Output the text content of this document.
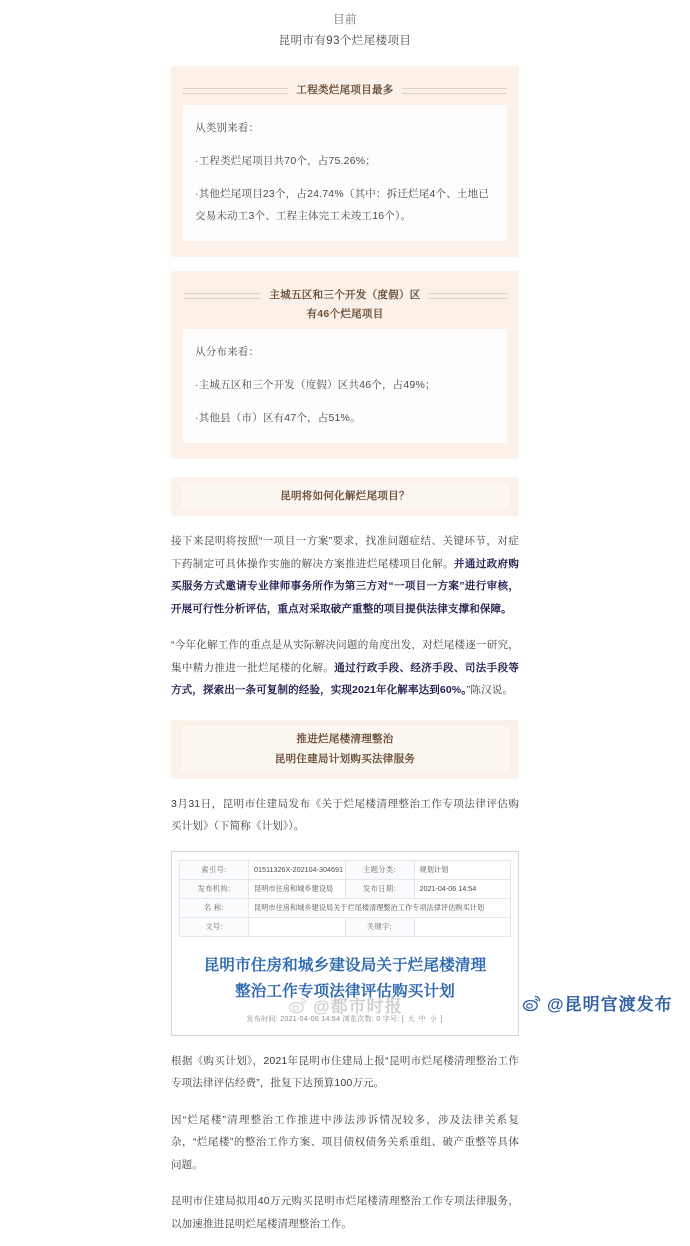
目前
昆明市有93个烂尾楼项目
工程类烂尾项目最多

从类别来看：

·工程类烂尾项目共70个，占75.26%；

·其他烂尾项目23个，占24.74%（其中：拆迁烂尾4个、土地已交易未动工3个、工程主体完工未竣工16个）。

主城五区和三个开发（度假）区
有46个烂尾项目

从分布来看：

·主城五区和三个开发（度假）区共46个，占49%；

·其他县（市）区有47个，占51%。

昆明将如何化解烂尾项目？

接下来昆明将按照“一项目一方案”要求，找准问题症结、关键环节，对症下药制定可具体操作实施的解决方案推进烂尾楼项目化解。并通过政府购买服务方式邀请专业律师事务所作为第三方对“一项目一方案”进行审核，开展可行性分析评估，重点对采取破产重整的项目提供法律支撑和保障。

“今年化解工作的重点是从实际解决问题的角度出发，对烂尾楼逐一研究，集中精力推进一批烂尾楼的化解。通过行政手段、经济手段、司法手段等方式，探索出一条可复制的经验，实现2021年化解率达到60%。”陈汉说。

推进烂尾楼清理整治
昆明住建局计划购买法律服务

3月31日，昆明市住建局发布《关于烂尾楼清理整治工作专项法律评估购买计划》（下简称《计划》）。

索引号:	01511326X-202104-304691	主题分类:	规划计划
发布机构:	昆明市住房和城乡建设局	发布日期:	2021-04-06 14:54
名 称:	昆明市住房和城乡建设局关于烂尾楼清理整治工作专项法律评估购买计划		
文号:		关键字:	
昆明市住房和城乡建设局关于烂尾楼清理整治工作专项法律评估购买计划
发布时间: 2021-04-06 14:54 浏览次数: 0 字号: [ 大 中 小 ]

根据《购买计划》，2021年昆明市住建局上报“昆明市烂尾楼清理整治工作专项法律评估经费”，批复下达预算100万元。

因“烂尾楼”清理整治工作推进中涉法涉诉情况较多，涉及法律关系复杂，“烂尾楼”的整治工作方案、项目债权债务关系重组、破产重整等具体问题。

昆明市住建局拟用40万元购买昆明市烂尾楼清理整治工作专项法律服务，以加速推进昆明烂尾楼清理整治工作。

@都市时报	@昆明官渡发布
